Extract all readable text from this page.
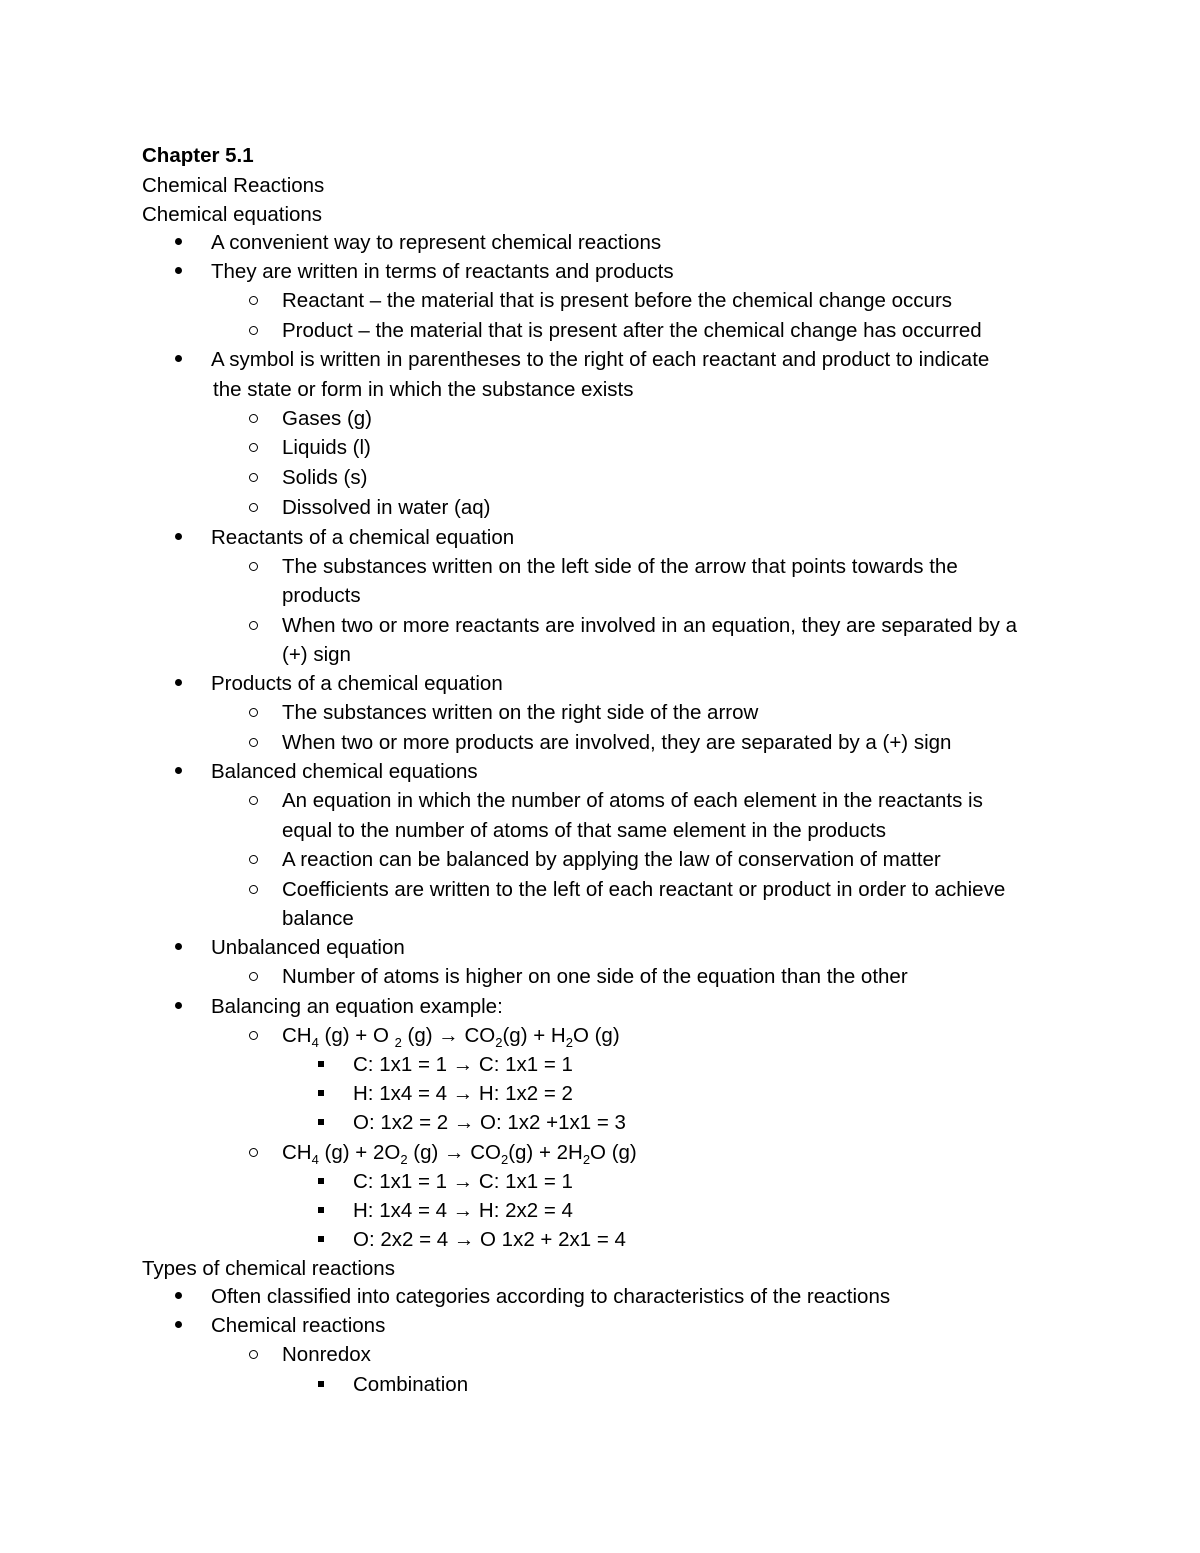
Chapter 5.1
Chemical Reactions
Chemical equations
A convenient way to represent chemical reactions
They are written in terms of reactants and products
Reactant – the material that is present before the chemical change occurs
Product – the material that is present after the chemical change has occurred
A symbol is written in parentheses to the right of each reactant and product to indicate
the state or form in which the substance exists
Gases (g)
Liquids (l)
Solids (s)
Dissolved in water (aq)
Reactants of a chemical equation
The substances written on the left side of the arrow that points towards the
products
When two or more reactants are involved in an equation, they are separated by a
(+) sign
Products of a chemical equation
The substances written on the right side of the arrow
When two or more products are involved, they are separated by a (+) sign
Balanced chemical equations
An equation in which the number of atoms of each element in the reactants is
equal to the number of atoms of that same element in the products
A reaction can be balanced by applying the law of conservation of matter
Coefficients are written to the left of each reactant or product in order to achieve
balance
Unbalanced equation
Number of atoms is higher on one side of the equation than the other
Balancing an equation example:
$CH_4$ (g) + O $_2$ $(g) \to CO_2(g) + H_2O$ (g)
C: 1x1 = 1 → C: 1x1 = 1
H: 1x4 = 4 → H: 1x2 = 2
O: 1x2 = 2 → O: 1x2 +1x1 = 3
$CH_4$ $(g) + 2O_2$ $(g) \to CO_2(g) + 2H_2O$ (g)
C: 1x1 = 1 → C: 1x1 = 1
H: 1x4 = 4 → H: 2x2 = 4
O: 2x2 = 4 → O 1x2 + 2x1 = 4
Types of chemical reactions
Often classified into categories according to characteristics of the reactions
Chemical reactions
Nonredox
Combination
